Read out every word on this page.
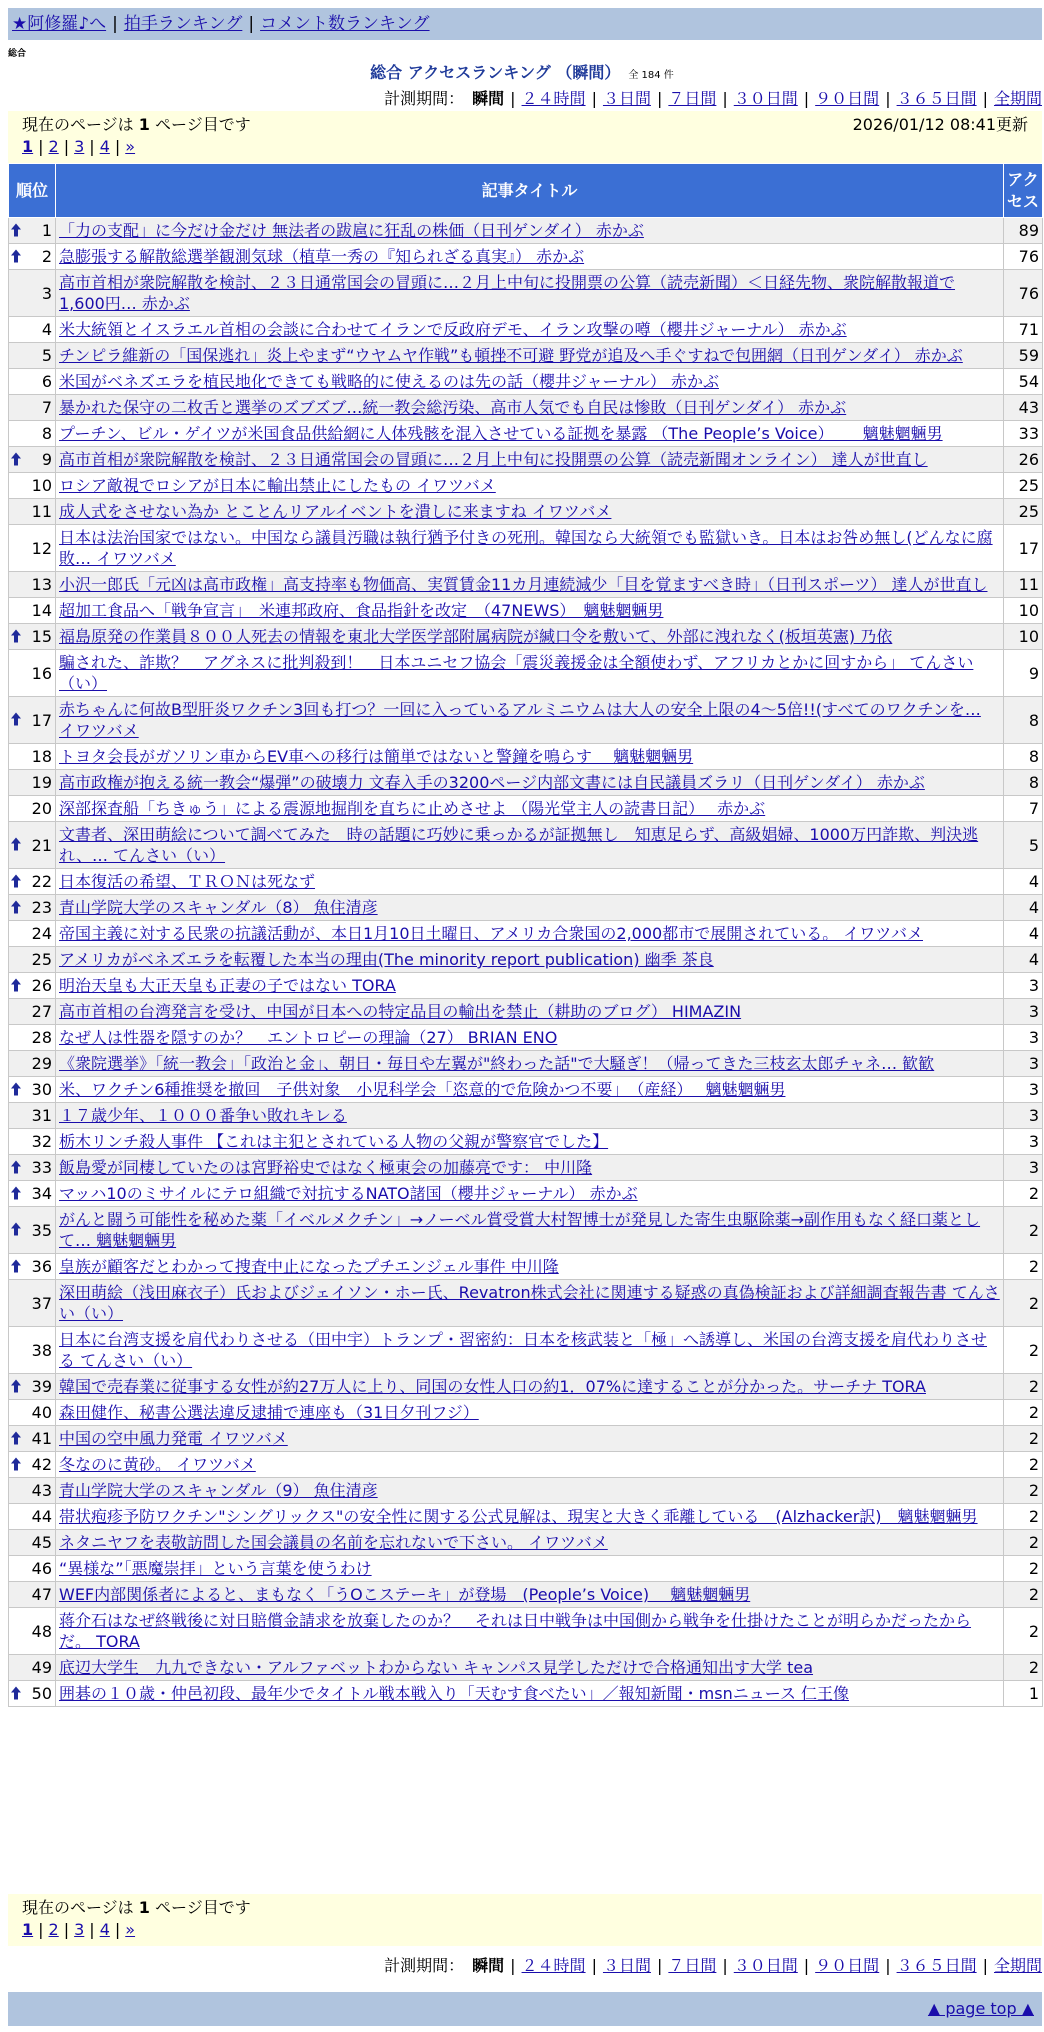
★阿修羅♪へ | 拍手ランキング | コメント数ランキング
総合
総合 アクセスランキング （瞬間） 全 184 件
計測期間： 瞬間 | ２４時間 | ３日間 | ７日間 | ３０日間 | ９０日間 | ３６５日間 | 全期間
現在のページは 1 ページ目です	2026/01/12 08:41更新
1 | 2 | 3 | 4 | »
順位	記事タイトル	アクセス

1	「力の支配」に今だけ金だけ 無法者の跋扈に狂乱の株価（日刊ゲンダイ） 赤かぶ	89

2	急膨張する解散総選挙観測気球（植草一秀の『知られざる真実』） 赤かぶ	76
3	高市首相が衆院解散を検討、２３日通常国会の冒頭に…２月上中旬に投開票の公算（読売新聞）＜日経先物、衆院解散報道で1,600円… 赤かぶ	76
4	米大統領とイスラエル首相の会談に合わせてイランで反政府デモ、イラン攻撃の噂（櫻井ジャーナル） 赤かぶ	71
5	チンピラ維新の「国保逃れ」炎上やまず“ウヤムヤ作戦”も頓挫不可避 野党が追及へ手ぐすねで包囲網（日刊ゲンダイ） 赤かぶ	59
6	米国がベネズエラを植民地化できても戦略的に使えるのは先の話（櫻井ジャーナル） 赤かぶ	54
7	暴かれた保守の二枚舌と選挙のズブズブ…統一教会総汚染、高市人気でも自民は惨敗（日刊ゲンダイ） 赤かぶ	43
8	プーチン、ビル・ゲイツが米国食品供給網に人体残骸を混入させている証拠を暴露 （The People’s Voice）　　 魑魅魍魎男	33

9	高市首相が衆院解散を検討、２３日通常国会の冒頭に…２月上中旬に投開票の公算（読売新聞オンライン） 達人が世直し	26
10	ロシア敵視でロシアが日本に輸出禁止にしたもの イワツバメ	25
11	成人式をさせない為か とことんリアルイベントを潰しに来ますね イワツバメ	25
12	日本は法治国家ではない。中国なら議員汚職は執行猶予付きの死刑。韓国なら大統領でも監獄いき。日本はお咎め無し(どんなに腐敗… イワツバメ	17
13	小沢一郎氏「元凶は高市政権」高支持率も物価高、実質賃金11カ月連続減少「目を覚ますべき時」（日刊スポーツ） 達人が世直し	11
14	超加工食品へ「戦争宣言」　米連邦政府、食品指針を改定　（47NEWS）　魑魅魍魎男	10

15	福島原発の作業員８００人死去の情報を東北大学医学部附属病院が緘口令を敷いて、外部に洩れなく(板垣英憲) 乃依	10
16	騙された、詐欺？　アグネスに批判殺到！　日本ユニセフ協会「震災義援金は全額使わず、アフリカとかに回すから」 てんさい（い）	9

17	赤ちゃんに何故B型肝炎ワクチン3回も打つ？一回に入っているアルミニウムは大人の安全上限の4～5倍!!(すべてのワクチンを… イワツバメ	8
18	トヨタ会長がガソリン車からEV車への移行は簡単ではないと警鐘を鳴らす　 魑魅魍魎男	8
19	高市政権が抱える統一教会“爆弾”の破壊力 文春入手の3200ページ内部文書には自民議員ズラリ（日刊ゲンダイ） 赤かぶ	8
20	深部探査船「ちきゅう」による震源地掘削を直ちに止めさせよ （陽光堂主人の読書日記）　 赤かぶ	7

21	文書者、深田萌絵について調べてみた　時の話題に巧妙に乗っかるが証拠無し　知恵足らず、高級娼婦、1000万円詐欺、判決逃れ、… てんさい（い）	5

22	日本復活の希望、ＴＲＯＮは死なず	4

23	青山学院大学のスキャンダル（8） 魚住清彦	4
24	帝国主義に対する民衆の抗議活動が、本日1月10日土曜日、アメリカ合衆国の2,000都市で展開されている。 イワツバメ	4
25	アメリカがベネズエラを転覆した本当の理由(The minority report publication) 幽季 茶良	4

26	明治天皇も大正天皇も正妻の子ではない TORA	3
27	高市首相の台湾発言を受け、中国が日本への特定品目の輸出を禁止（耕助のブログ） HIMAZIN	3
28	なぜ人は性器を隠すのか？　エントロピーの理論（27） BRIAN ENO	3
29	《衆院選挙》「統一教会」「政治と金」、朝日・毎日や左翼が"終わった話"で大騒ぎ！（帰ってきた三枝玄太郎チャネ… 歓歓	3

30	米、ワクチン6種推奨を撤回　子供対象　小児科学会「恣意的で危険かつ不要」　（産経）　 魑魅魍魎男	3
31	１７歳少年、１０００番争い敗れキレる	3
32	栃木リンチ殺人事件 【これは主犯とされている人物の父親が警察官でした】	3

33	飯島愛が同棲していたのは宮野裕史ではなく極東会の加藤亮です： 中川隆	3

34	マッハ10のミサイルにテロ組織で対抗するNATO諸国（櫻井ジャーナル） 赤かぶ	2

35	がんと闘う可能性を秘めた薬「イベルメクチン」→ノーベル賞受賞大村智博士が発見した寄生虫駆除薬→副作用もなく経口薬として… 魑魅魍魎男	2

36	皇族が顧客だとわかって捜査中止になったプチエンジェル事件 中川隆	2
37	深田萌絵（浅田麻衣子）氏およびジェイソン・ホー氏、Revatron株式会社に関連する疑惑の真偽検証および詳細調査報告書 てんさい（い）	2
38	日本に台湾支援を肩代わりさせる（田中宇）トランプ・習密約：日本を核武装と「極」へ誘導し、米国の台湾支援を肩代わりさせる てんさい（い）	2

39	韓国で売春業に従事する女性が約27万人に上り、同国の女性人口の約1．07%に達することが分かった。サーチナ TORA	2
40	森田健作、秘書公選法違反逮捕で連座も（31日夕刊フジ）	2

41	中国の空中風力発電 イワツバメ	2

42	冬なのに黄砂。 イワツバメ	2
43	青山学院大学のスキャンダル（9） 魚住清彦	2
44	帯状疱疹予防ワクチン"シングリックス"の安全性に関する公式見解は、現実と大きく乖離している　(Alzhacker訳)　魑魅魍魎男	2
45	ネタニヤフを表敬訪問した国会議員の名前を忘れないで下さい。 イワツバメ	2
46	“異様な”「悪魔崇拝」という言葉を使うわけ	2
47	WEF内部関係者によると、まもなく「うOこステーキ」が登場　(People’s Voice)　 魑魅魍魎男	2
48	蒋介石はなぜ終戦後に対日賠償金請求を放棄したのか？　それは日中戦争は中国側から戦争を仕掛けたことが明らかだったからだ。 TORA	2
49	底辺大学生　九九できない・アルファベットわからない キャンパス見学しただけで合格通知出す大学 tea	2

50	囲碁の１０歳・仲邑初段、最年少でタイトル戦本戦入り「天むす食べたい」／報知新聞・msnニュース 仁王像	1
現在のページは 1 ページ目です
1 | 2 | 3 | 4 | »
計測期間： 瞬間 | ２４時間 | ３日間 | ７日間 | ３０日間 | ９０日間 | ３６５日間 | 全期間
▲ page top ▲
